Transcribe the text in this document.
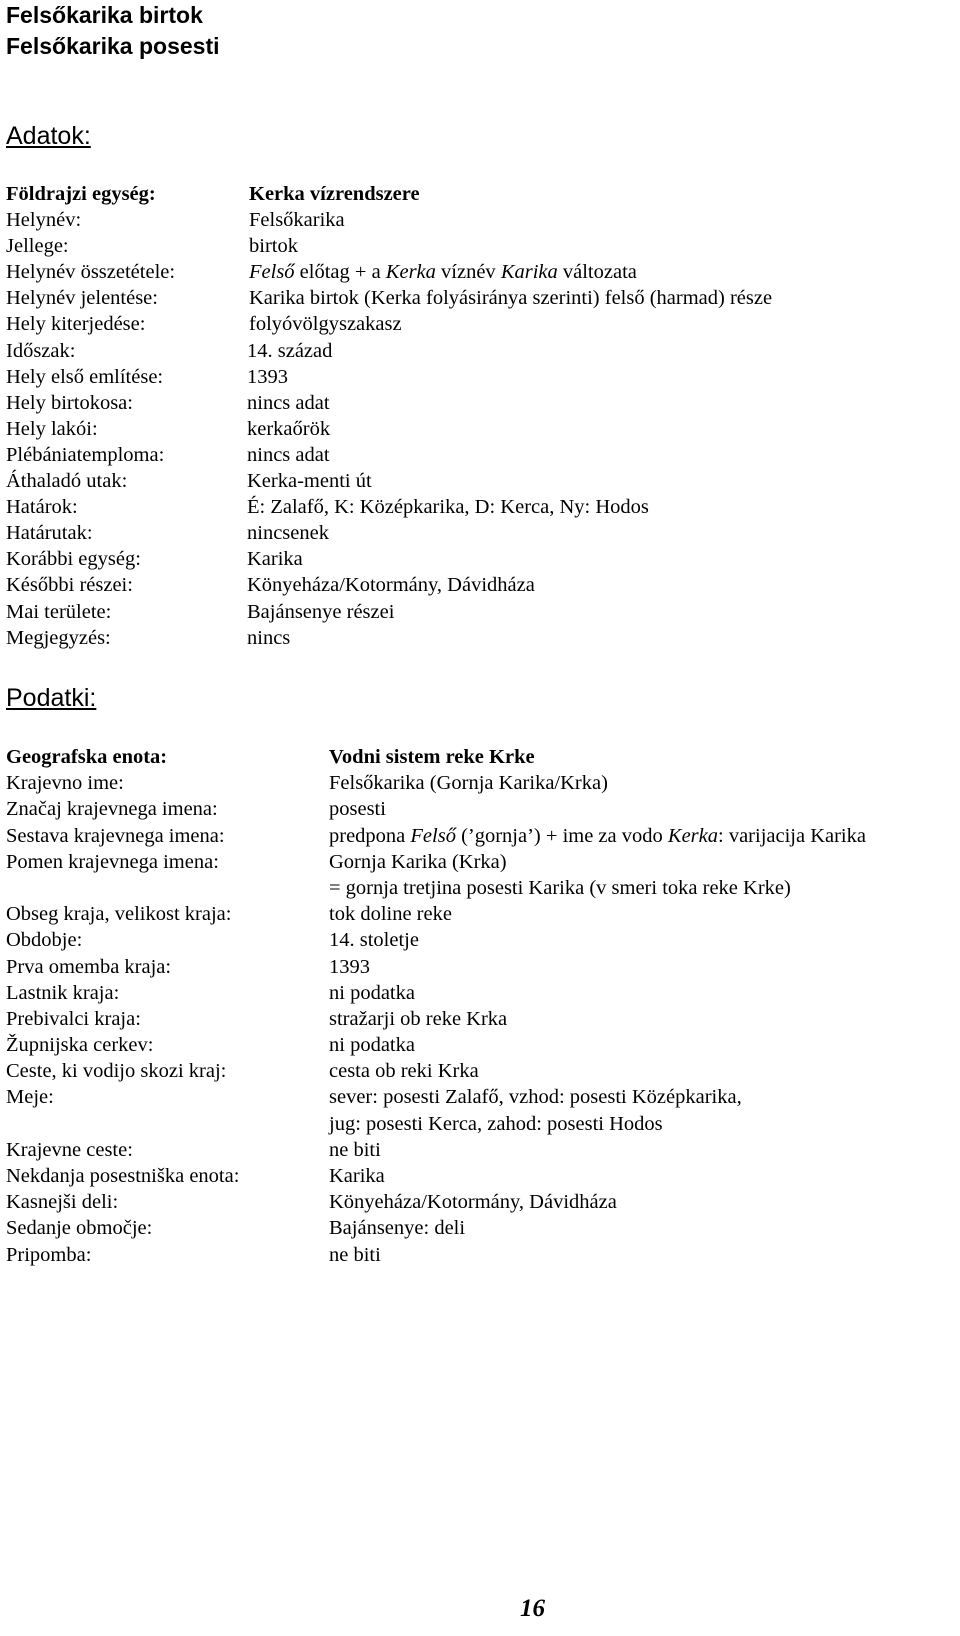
Felsőkarika birtok
Felsőkarika posesti
Adatok:
Földrajzi egység:	Kerka vízrendszere
Helynév:	Felsőkarika
Jellege:	birtok
Helynév összetétele:	Felső előtag + a Kerka víznév Karika változata
Helynév jelentése:	Karika birtok (Kerka folyásiránya szerinti) felső (harmad) része
Hely kiterjedése:	folyóvölgyszakasz
Időszak:	14. század
Hely első említése:	1393
Hely birtokosa:	nincs adat
Hely lakói:	kerkaőrök
Plébániatemploma:	nincs adat
Áthaladó utak:	Kerka-menti út
Határok:	É: Zalafő, K: Középkarika, D: Kerca, Ny: Hodos
Határutak:	nincsenek
Korábbi egység:	Karika
Későbbi részei:	Könyeháza/Kotormány, Dávidháza
Mai területe:	Bajánsenye részei
Megjegyzés:	nincs
Podatki:
Geografska enota:	Vodni sistem reke Krke
Krajevno ime:	Felsőkarika (Gornja Karika/Krka)
Značaj krajevnega imena:	posesti
Sestava krajevnega imena:	predpona Felső (’gornja’) + ime za vodo Kerka: varijacija Karika
Pomen krajevnega imena:	Gornja Karika (Krka)
= gornja tretjina posesti Karika (v smeri toka reke Krke)
Obseg kraja, velikost kraja:	tok doline reke
Obdobje:	14. stoletje
Prva omemba kraja:	1393
Lastnik kraja:	ni podatka
Prebivalci kraja:	stražarji ob reke Krka
Župnijska cerkev:	ni podatka
Ceste, ki vodijo skozi kraj:	cesta ob reki Krka
Meje:	sever: posesti Zalafő, vzhod: posesti Középkarika,
jug: posesti Kerca, zahod: posesti Hodos
Krajevne ceste:	ne biti
Nekdanja posestniška enota:	Karika
Kasnejši deli:	Könyeháza/Kotormány, Dávidháza
Sedanje območje:	Bajánsenye: deli
Pripomba:	ne biti
16
